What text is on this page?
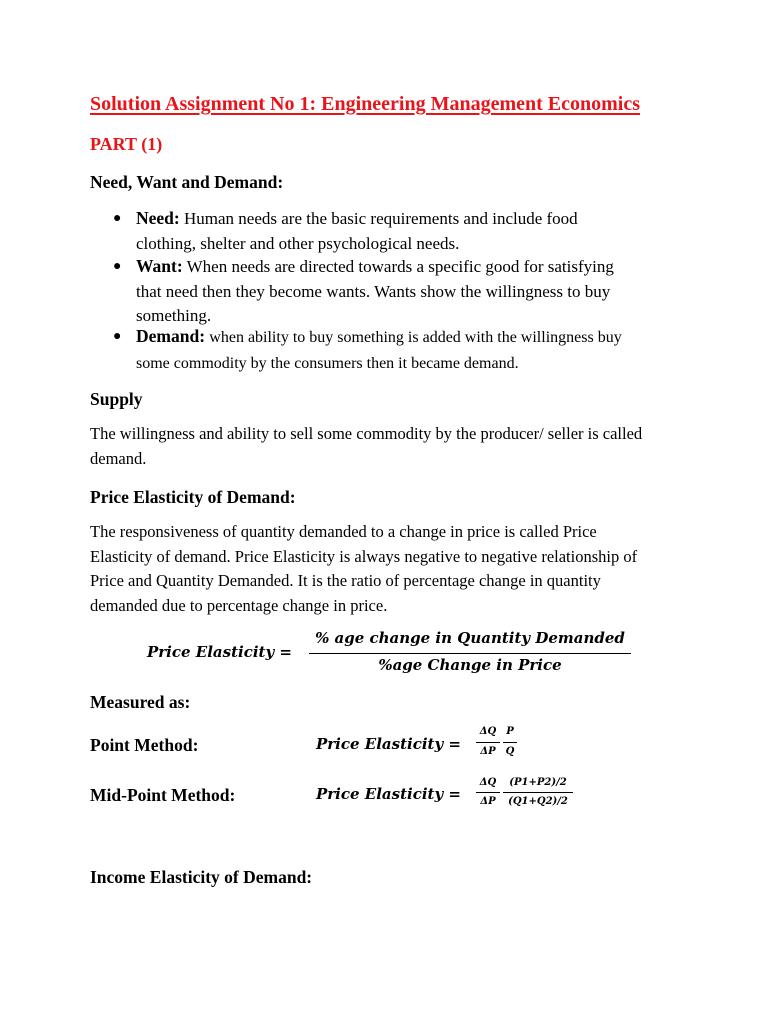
Solution Assignment No 1: Engineering Management Economics
PART (1)
Need, Want and Demand:
● Need: Human needs are the basic requirements and include food
clothing, shelter and other psychological needs.
● Want: When needs are directed towards a specific good for satisfying
that need then they become wants. Wants show the willingness to buy
something.
● Demand: when ability to buy something is added with the willingness buy
some commodity by the consumers then it became demand.
Supply
The willingness and ability to sell some commodity by the producer/ seller is called
demand.
Price Elasticity of Demand:
The responsiveness of quantity demanded to a change in price is called Price
Elasticity of demand. Price Elasticity is always negative to negative relationship of
Price and Quantity Demanded. It is the ratio of percentage change in quantity
demanded due to percentage change in price.
Price Elasticity =
% age change in Quantity Demanded
%age Change in Price
Measured as:
Point Method:	Price Elasticity =
ΔQ
ΔP
P
Q
Mid-Point Method:	Price Elasticity =
ΔQ
ΔP
(P1+P2)/2
(Q1+Q2)/2
Income Elasticity of Demand:
